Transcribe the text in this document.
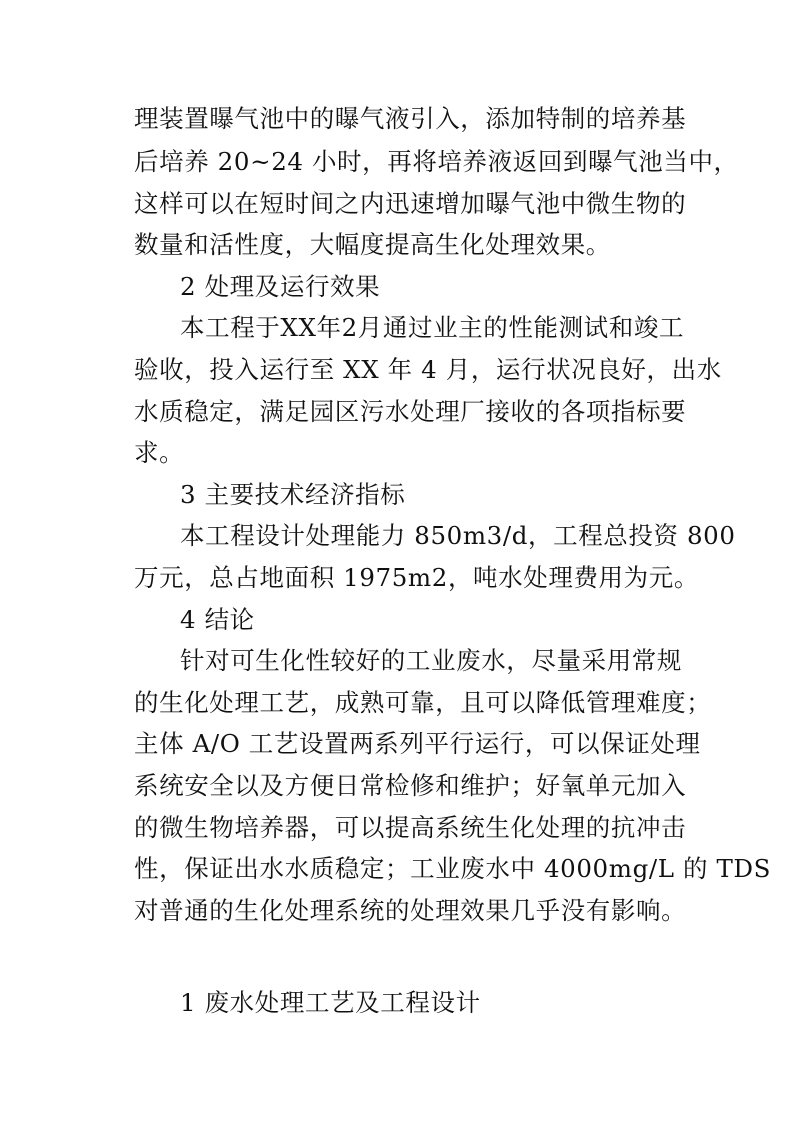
理装置曝气池中的曝气液引入，添加特制的培养基
后培养 20~24 小时，再将培养液返回到曝气池当中，
这样可以在短时间之内迅速增加曝气池中微生物的
数量和活性度，大幅度提高生化处理效果。
2 处理及运行效果
本工程于XX年2月通过业主的性能测试和竣工
验收，投入运行至 XX 年 4 月，运行状况良好，出水
水质稳定，满足园区污水处理厂接收的各项指标要
求。
3 主要技术经济指标
本工程设计处理能力 850m3/d，工程总投资 800
万元，总占地面积 1975m2，吨水处理费用为元。
4 结论
针对可生化性较好的工业废水，尽量采用常规
的生化处理工艺，成熟可靠，且可以降低管理难度；
主体 A/O 工艺设置两系列平行运行，可以保证处理
系统安全以及方便日常检修和维护；好氧单元加入
的微生物培养器，可以提高系统生化处理的抗冲击
性，保证出水水质稳定；工业废水中 4000mg/L 的 TDS
对普通的生化处理系统的处理效果几乎没有影响。
1 废水处理工艺及工程设计
